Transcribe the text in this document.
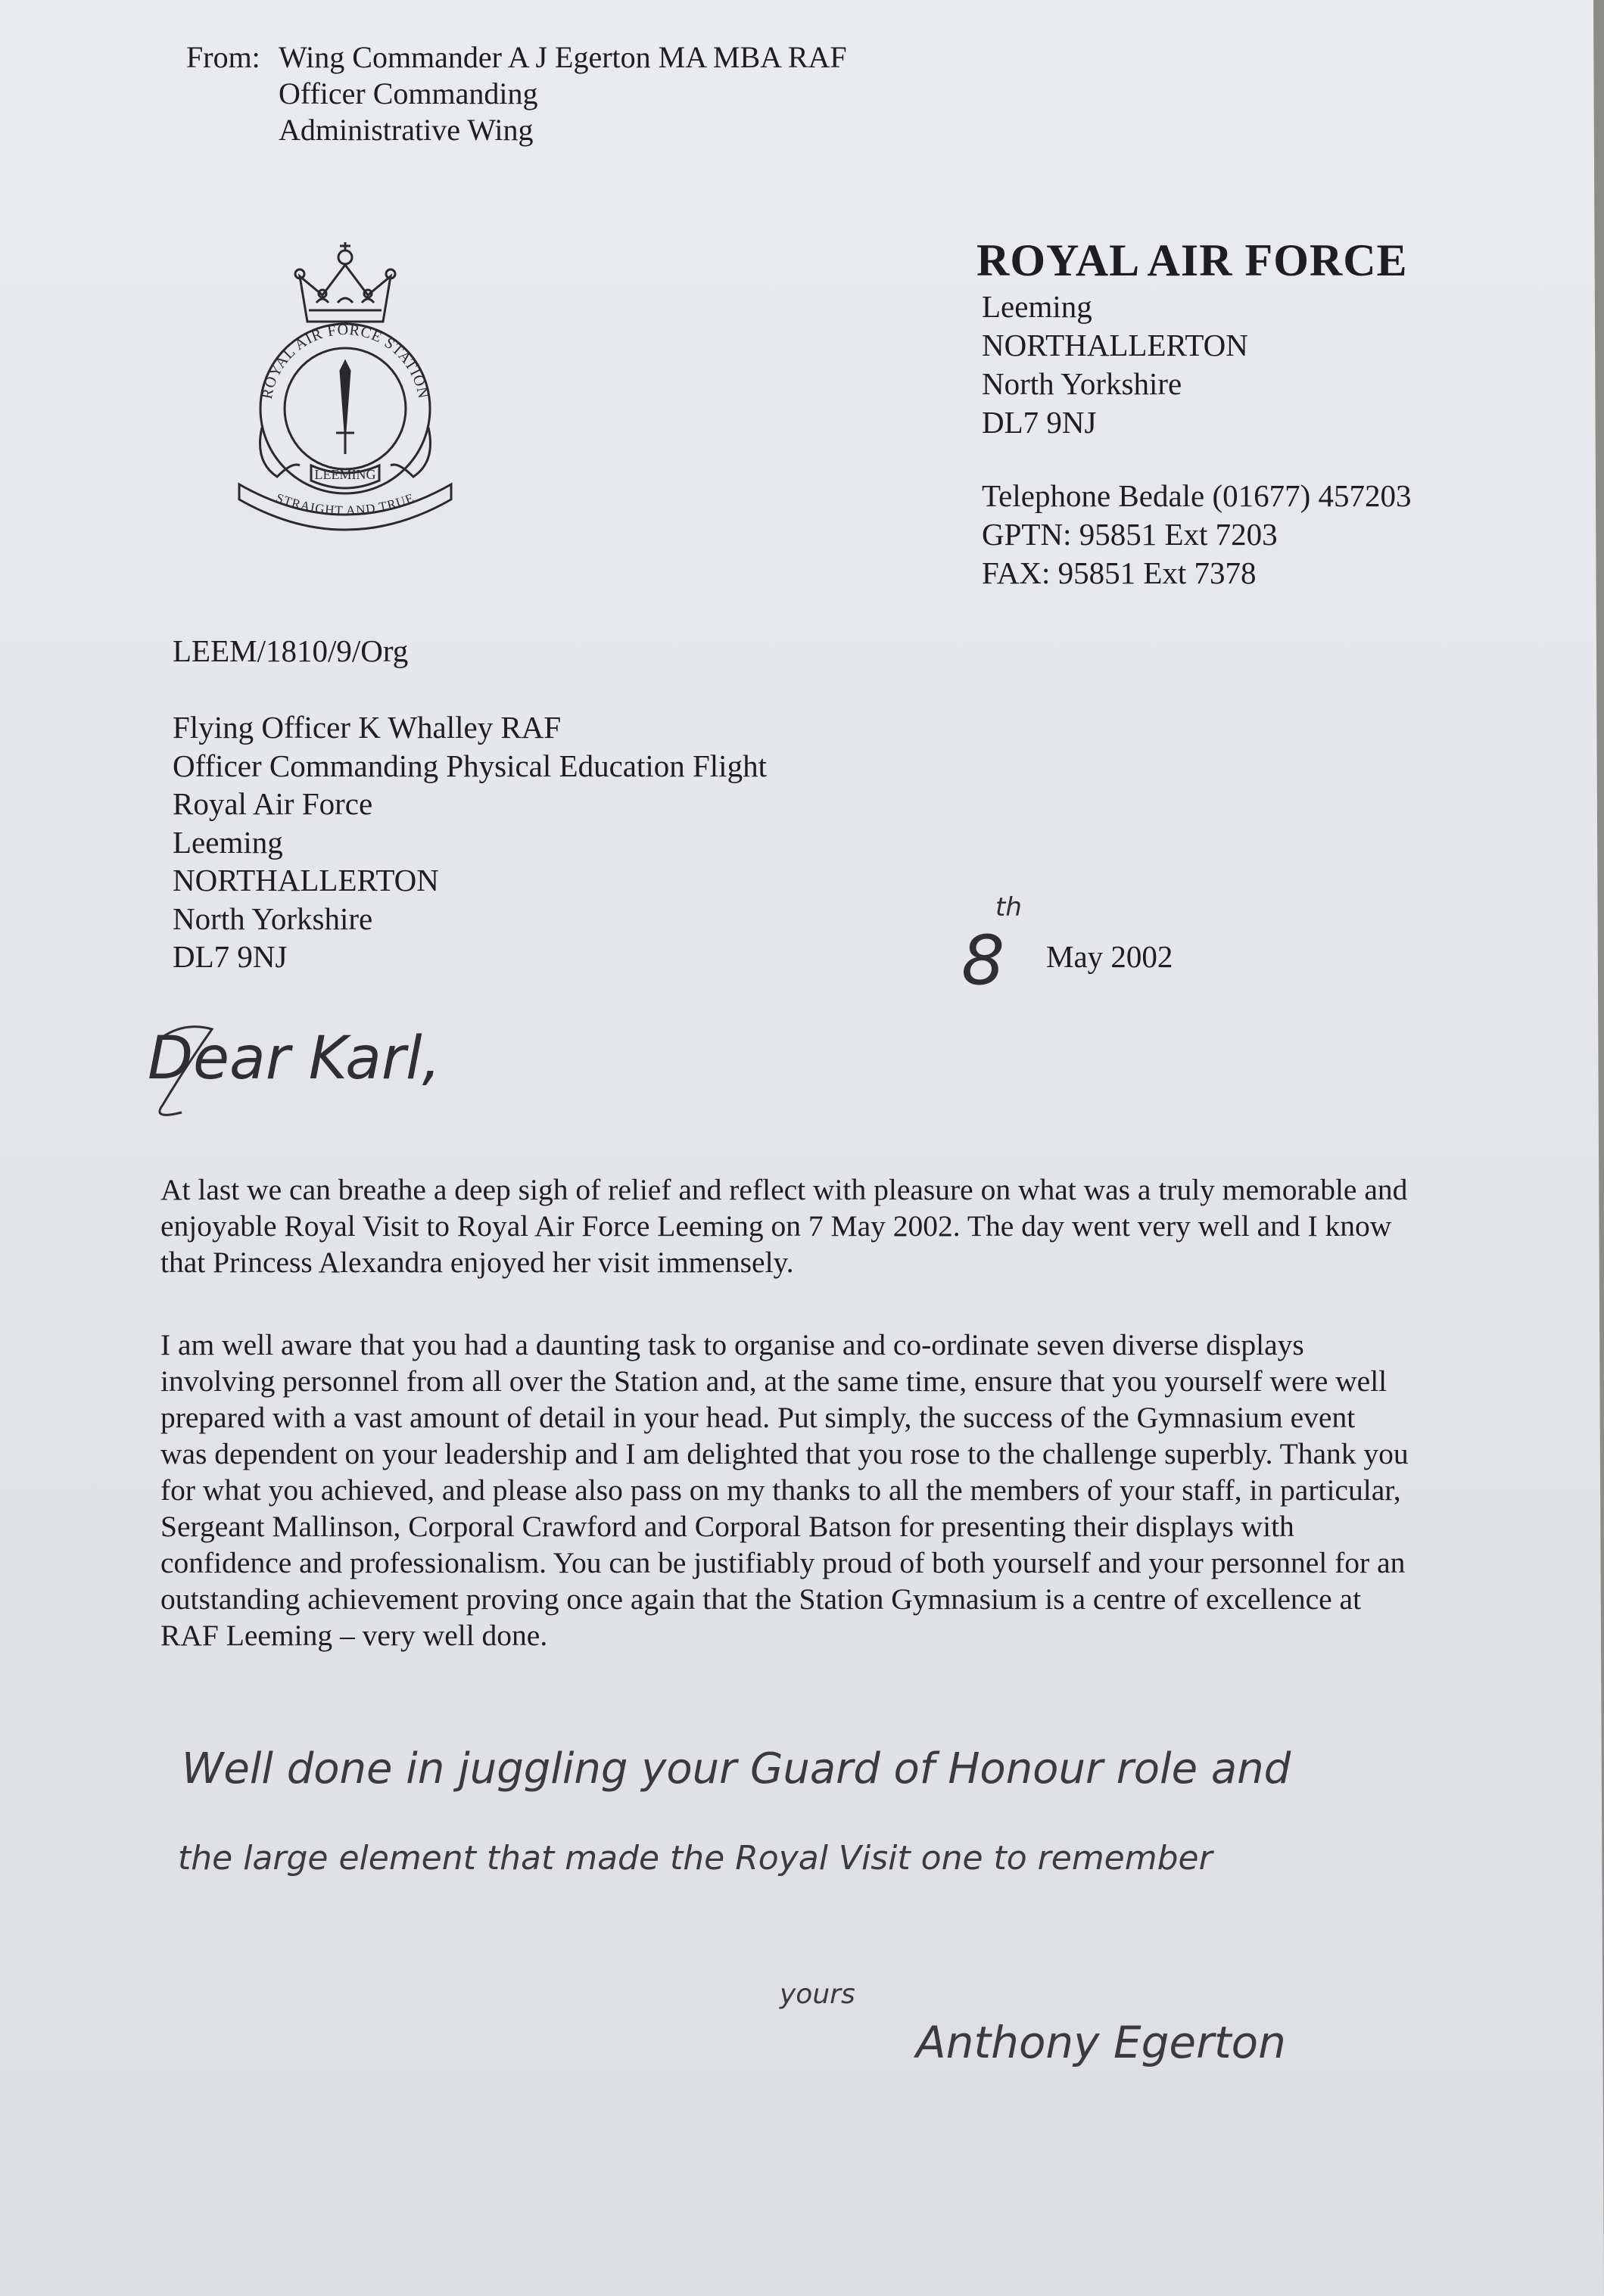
From: Wing Commander A J Egerton MA MBA RAF
Officer Commanding
Administrative Wing
ROYAL AIR FORCE STATION
LEEMING
STRAIGHT AND TRUE
ROYAL AIR FORCE
Leeming
NORTHALLERTON
North Yorkshire
DL7 9NJ
Telephone Bedale (01677) 457203
GPTN: 95851 Ext 7203
FAX: 95851 Ext 7378
LEEM/1810/9/Org
Flying Officer K Whalley RAF
Officer Commanding Physical Education Flight
Royal Air Force
Leeming
NORTHALLERTON
North Yorkshire
DL7 9NJ	8
th
May 2002
Dear Karl,

At last we can breathe a deep sigh of relief and reflect with pleasure on what was a truly memorable and

enjoyable Royal Visit to Royal Air Force Leeming on 7 May 2002. The day went very well and I know

that Princess Alexandra enjoyed her visit immensely.

I am well aware that you had a daunting task to organise and co-ordinate seven diverse displays

involving personnel from all over the Station and, at the same time, ensure that you yourself were well

prepared with a vast amount of detail in your head. Put simply, the success of the Gymnasium event

was dependent on your leadership and I am delighted that you rose to the challenge superbly. Thank you

for what you achieved, and please also pass on my thanks to all the members of your staff, in particular,

Sergeant Mallinson, Corporal Crawford and Corporal Batson for presenting their displays with

confidence and professionalism. You can be justifiably proud of both yourself and your personnel for an

outstanding achievement proving once again that the Station Gymnasium is a centre of excellence at

RAF Leeming – very well done.

Well done in juggling your Guard of Honour role and
the large element that made the Royal Visit one to remember
yours
Anthony Egerton
